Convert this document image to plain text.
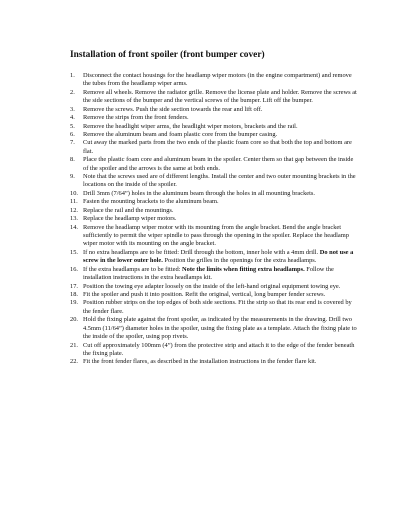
Installation of front spoiler (front bumper cover)
1. Disconnect the contact housings for the headlamp wiper motors (in the engine compartment) and remove the tubes from the headlamp wiper arms.
2. Remove all wheels. Remove the radiator grille. Remove the license plate and holder. Remove the screws at the side sections of the bumper and the vertical screws of the bumper. Lift off the bumper.
3. Remove the screws. Push the side section towards the rear and lift off.
4. Remove the strips from the front fenders.
5. Remove the headlight wiper arms, the headlight wiper motors, brackets and the rail.
6. Remove the aluminum beam and foam plastic core from the bumper casing.
7. Cut away the marked parts from the two ends of the plastic foam core so that both the top and bottom are flat.
8. Place the plastic foam core and aluminum beam in the spoiler. Center them so that gap between the inside of the spoiler and the arrows is the same at both ends.
9. Note that the screws used are of different lengths. Install the center and two outer mounting brackets in the locations on the inside of the spoiler.
10. Drill 3mm (7/64”) holes in the aluminum beam through the holes in all mounting brackets.
11. Fasten the mounting brackets to the aluminum beam.
12. Replace the rail and the mountings.
13. Replace the headlamp wiper motors.
14. Remove the headlamp wiper motor with its mounting from the angle bracket. Bend the angle bracket sufficiently to permit the wiper spindle to pass through the opening in the spoiler. Replace the headlamp wiper motor with its mounting on the angle bracket.
15. If no extra headlamps are to be fitted: Drill through the bottom, inner hole with a 4mm drill. Do not use a screw in the lower outer hole. Position the grilles in the openings for the extra headlamps.
16. If the extra headlamps are to be fitted: Note the limits when fitting extra headlamps. Follow the installation instructions in the extra headlamps kit.
17. Position the towing eye adapter loosely on the inside of the left-hand original equipment towing eye.
18. Fit the spoiler and push it into position. Refit the original, vertical, long bumper fender screws.
19. Position rubber strips on the top edges of both side sections. Fit the strip so that its rear end is covered by the fender flare.
20. Hold the fixing plate against the front spoiler, as indicated by the measurements in the drawing. Drill two 4.5mm (11/64”) diameter holes in the spoiler, using the fixing plate as a template. Attach the fixing plate to the inside of the spoiler, using pop rivets.
21. Cut off approximately 100mm (4”) from the protective strip and attach it to the edge of the fender beneath the fixing plate.
22. Fit the front fender flares, as described in the installation instructions in the fender flare kit.
